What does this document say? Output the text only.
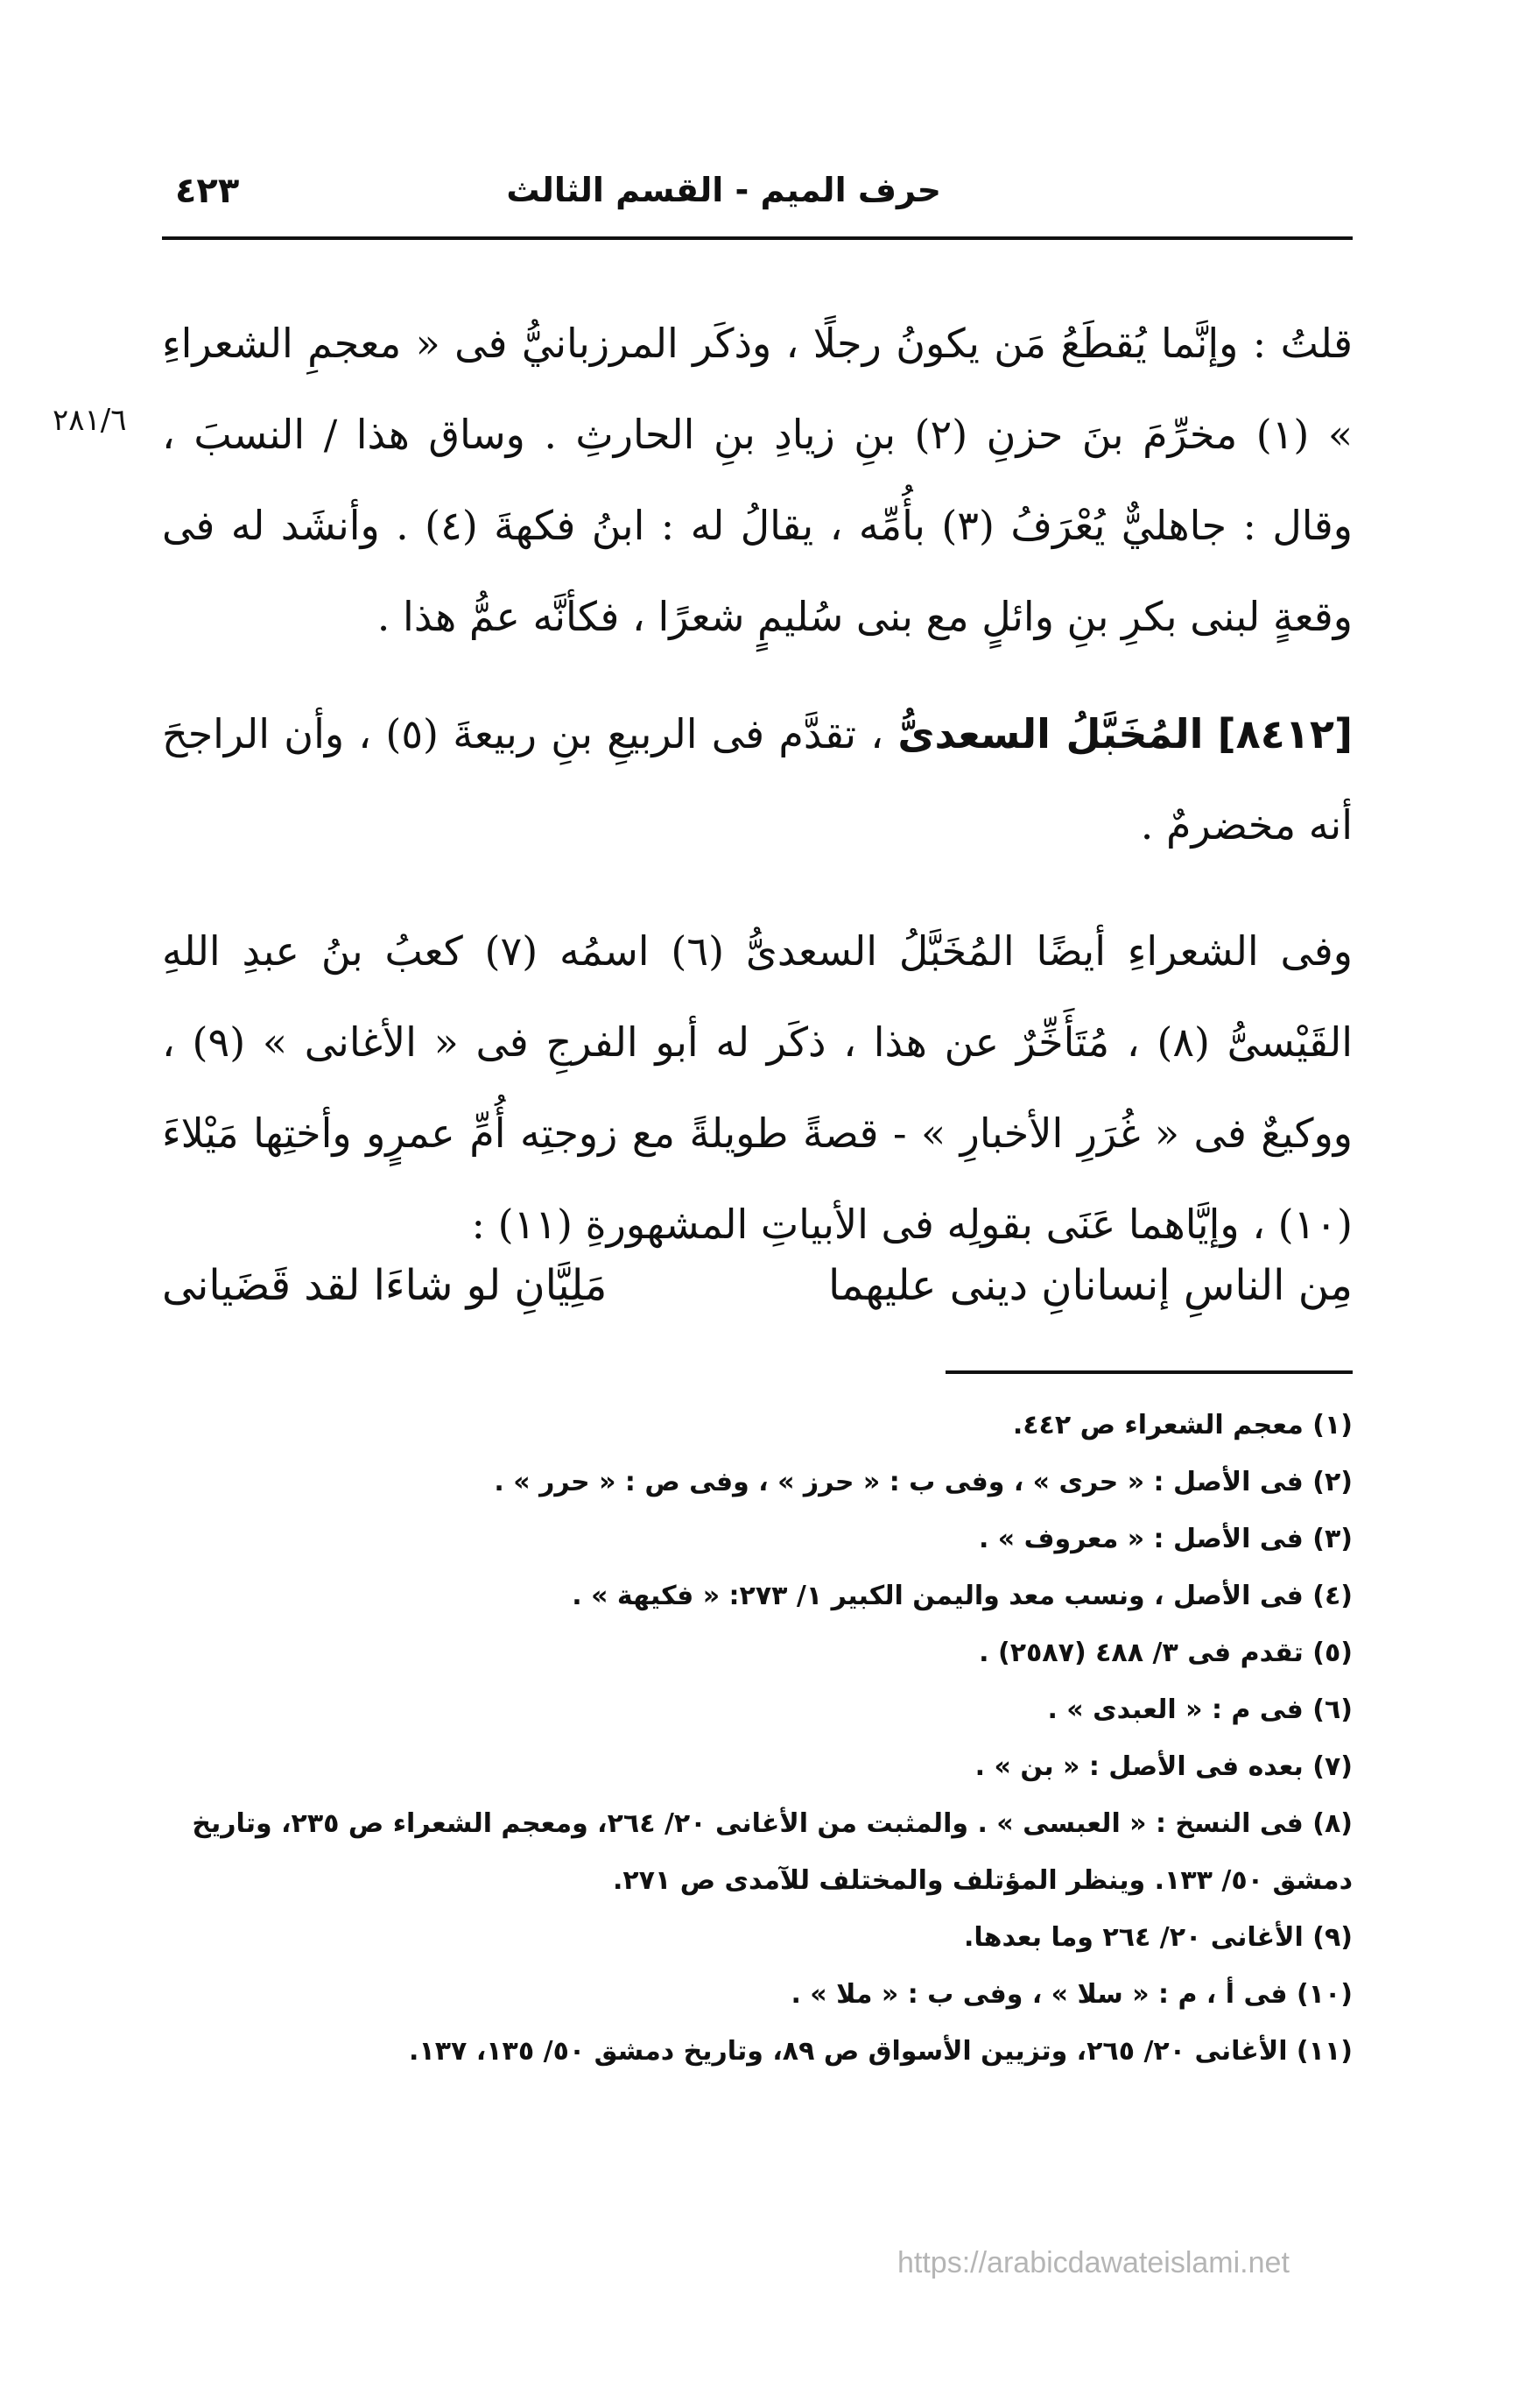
حرف الميم - القسم الثالث
٤٢٣
٢٨١/٦

قلتُ : وإنَّما يُقطَعُ مَن يكونُ رجلًا ، وذكَر المرزبانيُّ فى « معجمِ الشعراءِ » (١) مخرِّمَ بنَ حزنِ (٢) بنِ زيادِ بنِ الحارثِ . وساق هذا / النسبَ ، وقال : جاهليٌّ يُعْرَفُ (٣) بأُمِّه ، يقالُ له : ابنُ فكهةَ (٤) . وأنشَد له فى وقعةٍ لبنى بكرِ بنِ وائلٍ مع بنى سُليمٍ شعرًا ، فكأنَّه عمُّ هذا .

[٨٤١٢] المُخَبَّلُ السعدىُّ ، تقدَّم فى الربيعِ بنِ ربيعةَ (٥) ، وأن الراجحَ أنه مخضرمٌ .

وفى الشعراءِ أيضًا المُخَبَّلُ السعدىُّ (٦) اسمُه (٧) كعبُ بنُ عبدِ اللهِ القَيْسىُّ (٨) ، مُتَأَخِّرٌ عن هذا ، ذكَر له أبو الفرجِ فى « الأغانى » (٩) ، ووكيعٌ فى « غُرَرِ الأخبارِ » - قصةً طويلةً مع زوجتِه أُمِّ عمرٍو وأختِها مَيْلاءَ (١٠) ، وإيَّاهما عَنَى بقولِه فى الأبياتِ المشهورةِ (١١) :

مِن الناسِ إنسانانِ دينى عليهما
مَلِيَّانِ لو شاءَا لقد قَضَيانى

(١) معجم الشعراء ص ٤٤٢.

(٢) فى الأصل : « حرى » ، وفى ب : « حرز » ، وفى ص : « حرر » .

(٣) فى الأصل : « معروف » .

(٤) فى الأصل ، ونسب معد واليمن الكبير ١/ ٢٧٣: « فكيهة » .

(٥) تقدم فى ٣/ ٤٨٨ (٢٥٨٧) .

(٦) فى م : « العبدى » .

(٧) بعده فى الأصل : « بن » .

(٨) فى النسخ : « العبسى » . والمثبت من الأغانى ٢٠/ ٢٦٤، ومعجم الشعراء ص ٢٣٥، وتاريخ دمشق ٥٠/ ١٣٣. وينظر المؤتلف والمختلف للآمدى ص ٢٧١.

(٩) الأغانى ٢٠/ ٢٦٤ وما بعدها.

(١٠) فى أ ، م : « سلا » ، وفى ب : « ملا » .

(١١) الأغانى ٢٠/ ٢٦٥، وتزيين الأسواق ص ٨٩، وتاريخ دمشق ٥٠/ ١٣٥، ١٣٧.

https://arabicdawateislami.net
